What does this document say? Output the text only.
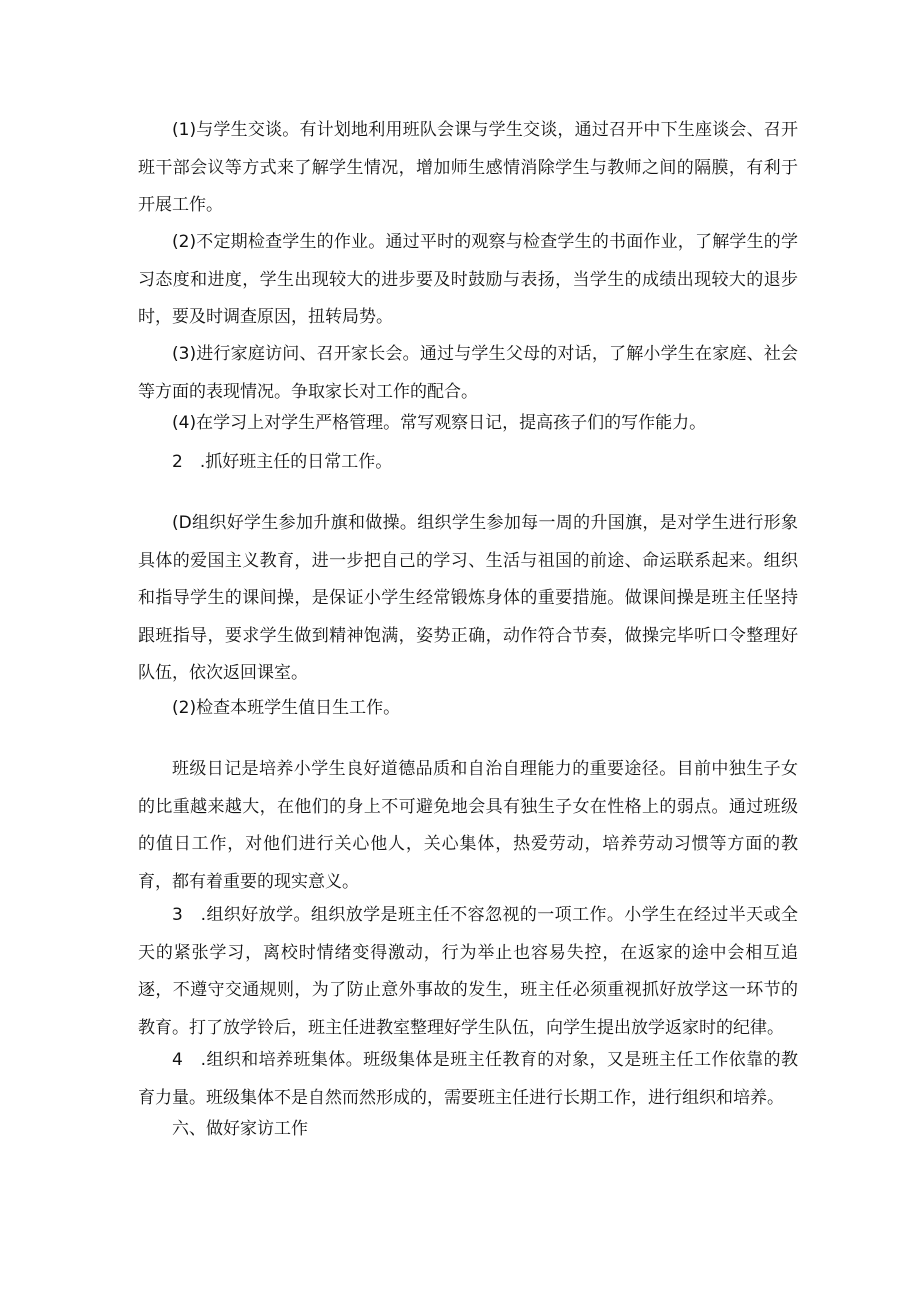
(1)与学生交谈。有计划地利用班队会课与学生交谈，通过召开中下生座谈会、召开班干部会议等方式来了解学生情况，增加师生感情消除学生与教师之间的隔膜，有利于开展工作。

(2)不定期检查学生的作业。通过平时的观察与检查学生的书面作业，了解学生的学习态度和进度，学生出现较大的进步要及时鼓励与表扬，当学生的成绩出现较大的退步时，要及时调查原因，扭转局势。

(3)进行家庭访问、召开家长会。通过与学生父母的对话，了解小学生在家庭、社会等方面的表现情况。争取家长对工作的配合。

(4)在学习上对学生严格管理。常写观察日记，提高孩子们的写作能力。

2　.抓好班主任的日常工作。

(D组织好学生参加升旗和做操。组织学生参加每一周的升国旗，是对学生进行形象具体的爱国主义教育，进一步把自己的学习、生活与祖国的前途、命运联系起来。组织和指导学生的课间操，是保证小学生经常锻炼身体的重要措施。做课间操是班主任坚持跟班指导，要求学生做到精神饱满，姿势正确，动作符合节奏，做操完毕听口令整理好队伍，依次返回课室。

(2)检查本班学生值日生工作。

班级日记是培养小学生良好道德品质和自治自理能力的重要途径。目前中独生子女的比重越来越大，在他们的身上不可避免地会具有独生子女在性格上的弱点。通过班级的值日工作，对他们进行关心他人，关心集体，热爱劳动，培养劳动习惯等方面的教育，都有着重要的现实意义。

3　.组织好放学。组织放学是班主任不容忽视的一项工作。小学生在经过半天或全天的紧张学习，离校时情绪变得激动，行为举止也容易失控，在返家的途中会相互追逐，不遵守交通规则，为了防止意外事故的发生，班主任必须重视抓好放学这一环节的教育。打了放学铃后，班主任进教室整理好学生队伍，向学生提出放学返家时的纪律。

4　.组织和培养班集体。班级集体是班主任教育的对象，又是班主任工作依靠的教育力量。班级集体不是自然而然形成的，需要班主任进行长期工作，进行组织和培养。

六、做好家访工作
